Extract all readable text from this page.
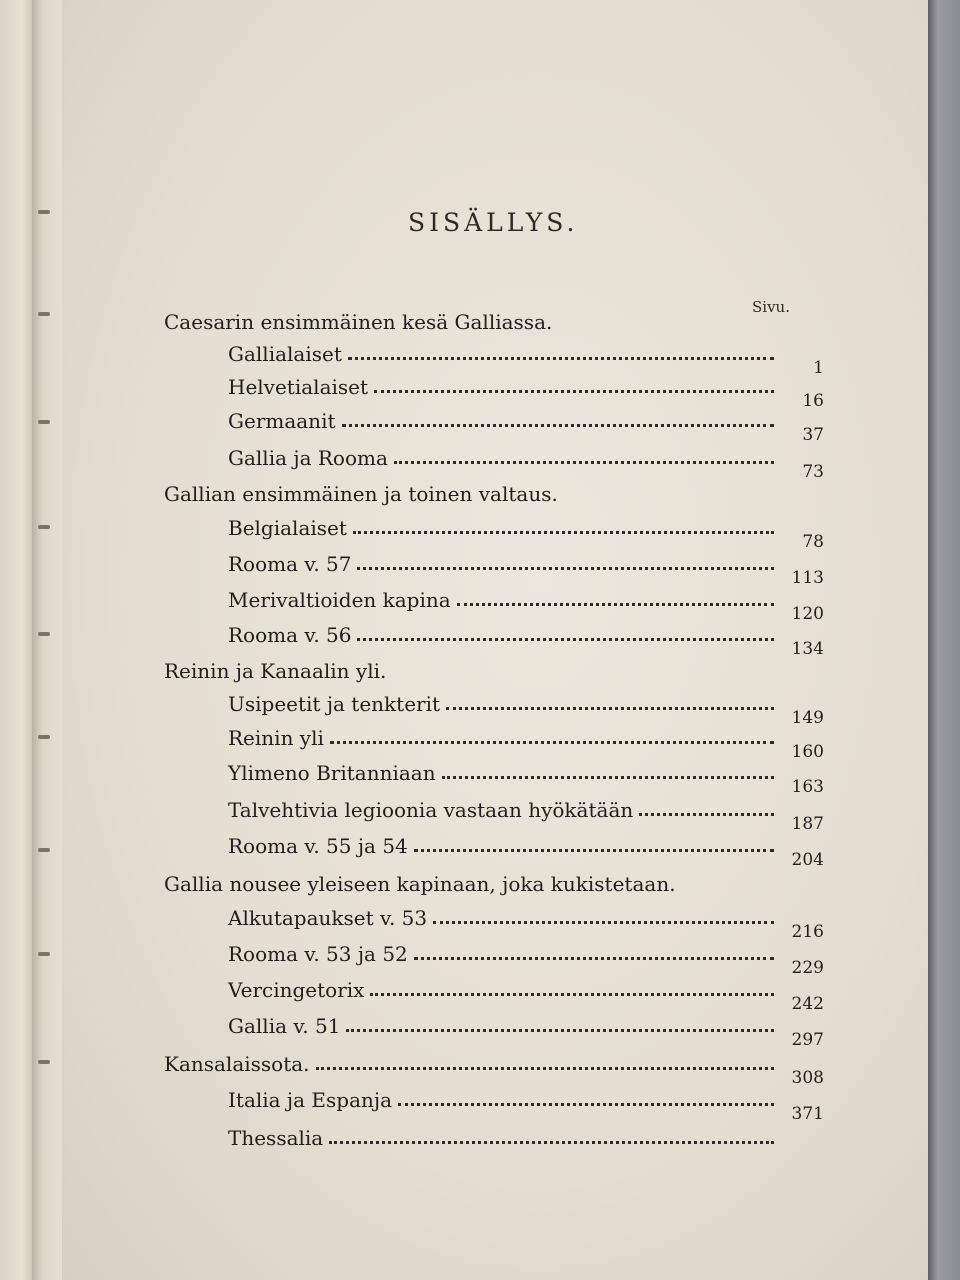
SISÄLLYS.
Sivu.
Caesarin ensimmäinen kesä Galliassa.
Gallialaiset
1
Helvetialaiset
16
Germaanit
37
Gallia ja Rooma
73
Gallian ensimmäinen ja toinen valtaus.
Belgialaiset
78
Rooma v. 57
113
Merivaltioiden kapina
120
Rooma v. 56
134
Reinin ja Kanaalin yli.
Usipeetit ja tenkterit
149
Reinin yli
160
Ylimeno Britanniaan
163
Talvehtivia legioonia vastaan hyökätään
187
Rooma v. 55 ja 54
204
Gallia nousee yleiseen kapinaan, joka kukistetaan.
Alkutapaukset v. 53
216
Rooma v. 53 ja 52
229
Vercingetorix
242
Gallia v. 51
297
Kansalaissota.
308
Italia ja Espanja
371
Thessalia
